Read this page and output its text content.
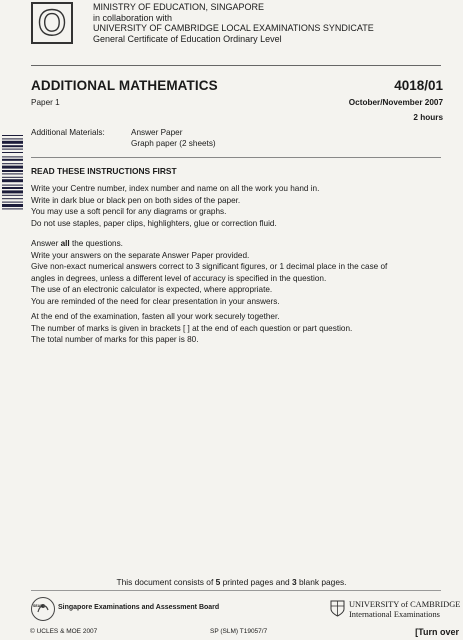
O	MINISTRY OF EDUCATION, SINGAPORE
in collaboration with
UNIVERSITY OF CAMBRIDGE LOCAL EXAMINATIONS SYNDICATE
General Certificate of Education Ordinary Level
ADDITIONAL MATHEMATICS	4018/01
Paper 1	October/November 2007
2 hours
Additional Materials:	Answer Paper
Graph paper (2 sheets)
READ THESE INSTRUCTIONS FIRST

Write your Centre number, index number and name on all the work you hand in.

Write in dark blue or black pen on both sides of the paper.

You may use a soft pencil for any diagrams or graphs.

Do not use staples, paper clips, highlighters, glue or correction fluid.

Answer all the questions.

Write your answers on the separate Answer Paper provided.

Give non-exact numerical answers correct to 3 significant figures, or 1 decimal place in the case of

angles in degrees, unless a different level of accuracy is specified in the question.

The use of an electronic calculator is expected, where appropriate.

You are reminded of the need for clear presentation in your answers.

At the end of the examination, fasten all your work securely together.

The number of marks is given in brackets [ ] at the end of each question or part question.

The total number of marks for this paper is 80.

This document consists of 5 printed pages and 3 blank pages.
SEAB Singapore Examinations and Assessment Board	UNIVERSITY of CAMBRIDGE
International Examinations
© UCLES & MOE 2007	SP (SLM) T19057/7	[Turn over
